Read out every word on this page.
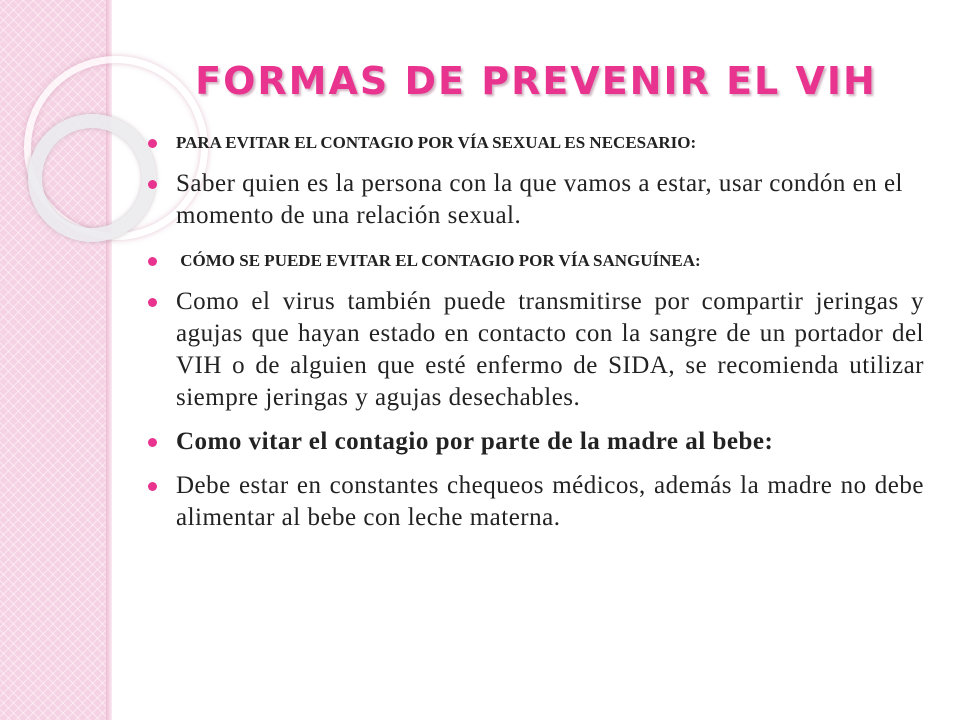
FORMAS DE PREVENIR EL VIH
PARA EVITAR EL CONTAGIO POR VÍA SEXUAL ES NECESARIO:
Saber quien es la persona con la que vamos a estar, usar condón en el momento de una relación sexual.
CÓMO SE PUEDE EVITAR EL CONTAGIO POR VÍA SANGUÍNEA:
Como el virus también puede transmitirse por compartir jeringas y agujas que hayan estado en contacto con la sangre de un portador del VIH o de alguien que esté enfermo de SIDA, se recomienda utilizar siempre jeringas y agujas desechables.
Como vitar el contagio por parte de la madre al bebe:
Debe estar en constantes chequeos médicos, además la madre no debe alimentar al bebe con leche materna.
